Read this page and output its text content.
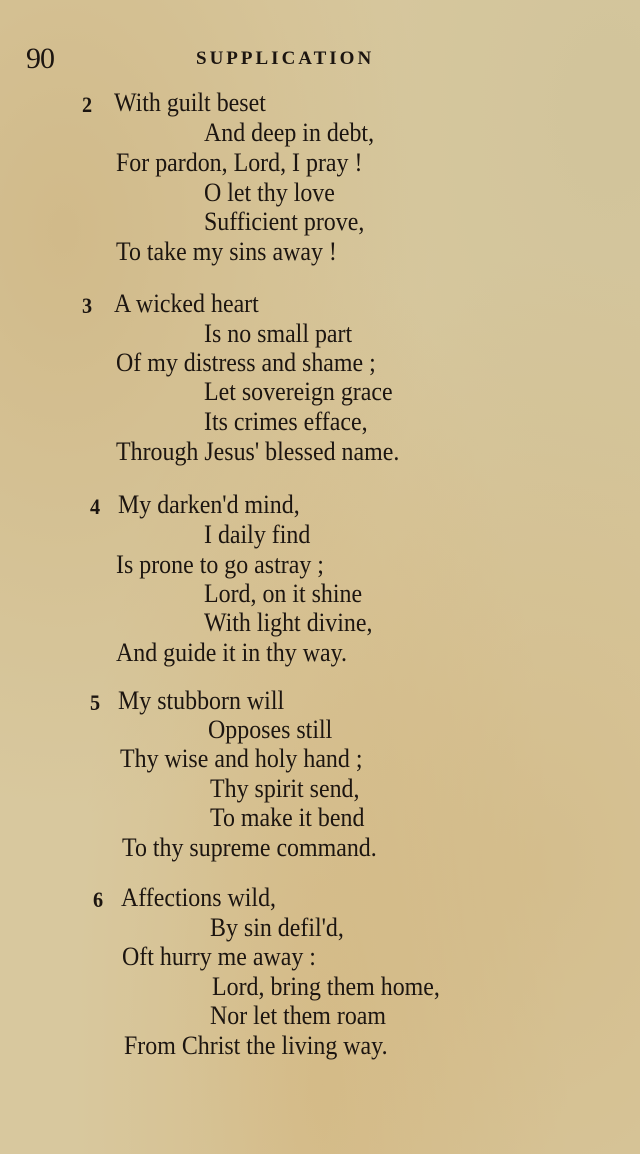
90	SUPPLICATION
2 With guilt beset
And deep in debt,
For pardon, Lord, I pray !
O let thy love
Sufficient prove,
To take my sins away !
3 A wicked heart
Is no small part
Of my distress and shame ;
Let sovereign grace
Its crimes efface,
Through Jesus' blessed name.
4 My darken'd mind,
I daily find
Is prone to go astray ;
Lord, on it shine
With light divine,
And guide it in thy way.
5 My stubborn will
Opposes still
Thy wise and holy hand ;
Thy spirit send,
To make it bend
To thy supreme command.
6 Affections wild,
By sin defil'd,
Oft hurry me away :
Lord, bring them home,
Nor let them roam
From Christ the living way.
